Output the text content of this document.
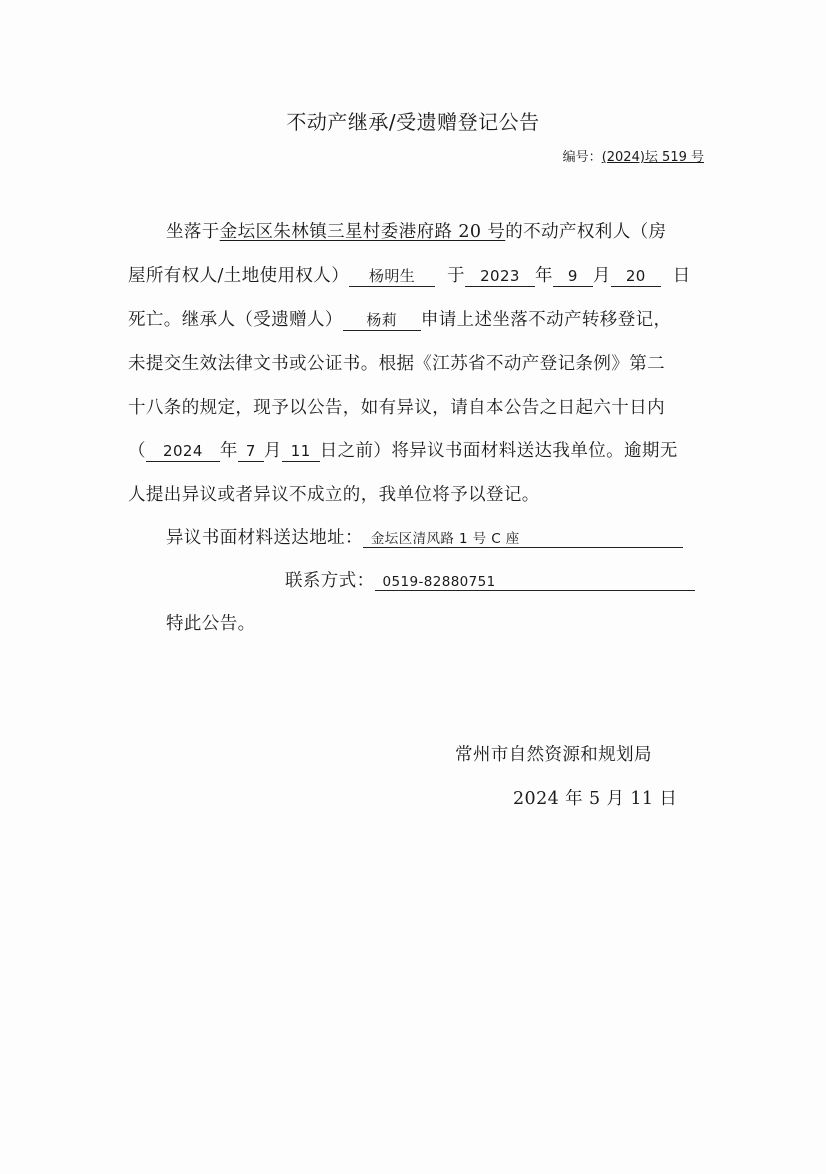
不动产继承/受遗赠登记公告
编号：(2024)坛 519 号
坐落于金坛区朱林镇三星村委港府路 20 号的不动产权利人（房
屋所有权人/土地使用权人） 杨明生 于 2023 年 9 月 20 日
死亡。继承人（受遗赠人） 杨莉 申请上述坐落不动产转移登记，
未提交生效法律文书或公证书。根据《江苏省不动产登记条例》第二
十八条的规定，现予以公告，如有异议，请自本公告之日起六十日内
（ 2024 年 7 月 11 日之前）将异议书面材料送达我单位。逾期无
人提出异议或者异议不成立的，我单位将予以登记。
异议书面材料送达地址： 金坛区清风路 1 号 C 座
联系方式： 0519-82880751
特此公告。
常州市自然资源和规划局
2024 年 5 月 11 日
